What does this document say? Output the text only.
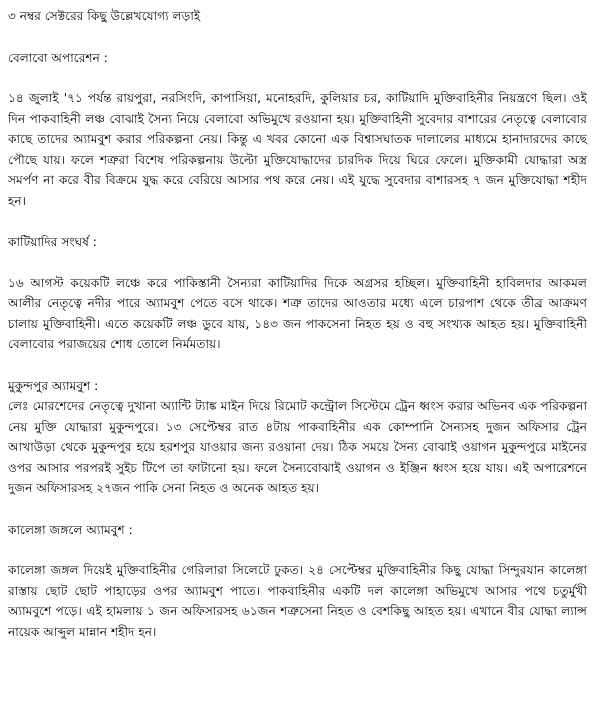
৩ নম্বর সেক্টরের কিছু উল্লেখযোগ্য লড়াই
বেলাবো অপারেশন :
১৪ জুলাই '৭১ পর্যন্ত রায়পুরা, নরসিংদি, কাপাসিয়া, মনোহরদি, কুলিয়ার চর, কাটিয়াদি মুক্তিবাহিনীর নিয়ন্ত্রণে ছিল। ওই দিন পাকবাহিনী লঞ্চ বোঝাই সৈন্য নিয়ে বেলাবো অভিমুখে রওয়ানা হয়। মুক্তিবাহিনী সুবেদার বাশারের নেতৃত্বে বেলাবোর কাছে তাদের অ্যামবুশ করার পরিকল্পনা নেয়। কিন্তু এ খবর কোনো এক বিশ্বাসঘাতক দালালের মাধ্যমে হানাদারদের কাছে পৌছে যায়। ফলে শত্রুরা বিশেষ পরিকল্পনায় উল্টো মুক্তিযোদ্ধাদের চারদিক দিয়ে ঘিরে ফেলে। মুক্তিকামী যোদ্ধারা অস্ত্র সমর্পণ না করে বীর বিক্রমে যুদ্ধ করে বেরিয়ে আসার পথ করে নেয়। এই যুদ্ধে সুবেদার বাশারসহ ৭ জন মুক্তিযোদ্ধা শহীদ হন।
কাটিয়াদির সংঘর্ষ :
১৬ আগস্ট কয়েকটি লঞ্চে করে পাকিস্তানী সৈন্যরা কাটিয়াদির দিকে অগ্রসর হচ্ছিল। মুক্তিবাহিনী হাবিলদার আকমল আলীর নেতৃত্বে নদীর পারে অ্যামবুশ পেতে বসে থাকে। শত্রু তাদের আওতার মধ্যে এলে চারপাশ থেকে তীব্র আক্রমণ চালায় মুক্তিবাহিনী। এতে কয়েকটি লঞ্চ ডুবে যায়, ১৪৩ জন পাকসেনা নিহত হয় ও বহু সংখ্যক আহত হয়। মুক্তিবাহিনী বেলাবোর পরাজয়ের শোধ তোলে নির্মমতায়।
মুকুন্দপুর অ্যামবুশ :
লেঃ মোরশেদের নেতৃত্বে দুখানা অ্যান্টি ট্যাঙ্ক মাইন দিয়ে রিমোট কন্ট্রোল সিস্টেমে ট্রেন ধ্বংস করার অভিনব এক পরিকল্পনা নেয় মুক্তি যোদ্ধারা মুকুন্দপুরে। ১৩ সেপ্টেম্বর রাত ৪টায় পাকবাহিনীর এক কোম্পানি সৈন্যসহ দুজন অফিসার ট্রেন আখাউড়া থেকে মুকুন্দপুর হয়ে হরশপুর যাওয়ার জন্য রওয়ানা দেয়। ঠিক সময়ে সৈন্য বোঝাই ওয়াগন মুকুন্দপুরে মাইনের ওপর আসার পরপরই সুইচ টিপে তা ফাটানো হয়। ফলে সৈন্যবোঝাই ওয়াগন ও ইঞ্জিন ধ্বংস হয়ে যায়। এই অপারেশনে দুজন অফিসারসহ ২৭জন পাকি সেনা নিহত ও অনেক আহত হয়।
কালেঙ্গা জঙ্গলে অ্যামবুশ :
কালেঙ্গা জঙ্গল দিয়েই মুক্তিবাহিনীর গেরিলারা সিলেটে ঢুকত। ২৪ সেপ্টেম্বর মুক্তিবাহিনীর কিছু যোদ্ধা সিন্দুরযান কালেঙ্গা রাস্তায় ছোট ছোট পাহাড়ের ওপর অ্যামবুশ পাতে। পাকবাহিনীর একটি দল কালেঙ্গা অভিমুখে আসার পথে চতুর্মুখী অ্যামবুশে পড়ে। এই হামলায় ১ জন অফিসারসহ ৬১জন শত্রুসেনা নিহত ও বেশকিছু আহত হয়। এখানে বীর যোদ্ধা ল্যান্স নায়েক আব্দুল মান্নান শহীদ হন।
